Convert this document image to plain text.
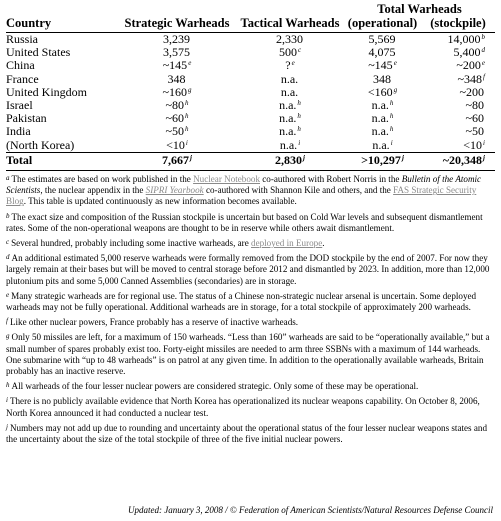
			Total Warheads	
Country	Strategic Warheads	Tactical Warheads	(operational)	(stockpile)
Russia	3,239	2,330	5,569	14,000$^b$
United States	3,575	500$^c$	4,075	5,400$^d$
China	~145e	?$^e$	~145e	~200e
France	348	n.a.	348	~348$^f$
United Kingdom	~160$^g$	n.a.	$<160^g$	~200
Israel	~80$^h$	n.a.$^h$	n.a.$^h$	~80
Pakistan	~60$^h$	n.a.$^h$	n.a.$^h$	~60
India	~50$^h$	n.a.$^h$	n.a.$^h$	~50
(North Korea)	$<10^i$	n.a.$^i$	n.a.$^i$	$<10^i$
Total	7,667$^j$	$2,830^j$	$>10,297^j$	~20,348$^j$

$^a$ The estimates are based on work published in the Nuclear Notebook co-authored with Robert Norris in the Bulletin of the Atomic Scientists, the nuclear appendix in the SIPRI Yearbook co-authored with Shannon Kile and others, and the FAS Strategic Security Blog. This table is updated continuously as new information becomes available.

$^b$ The exact size and composition of the Russian stockpile is uncertain but based on Cold War levels and subsequent dismantlement rates. Some of the non-operational weapons are thought to be in reserve while others await dismantlement.

$^c$ Several hundred, probably including some inactive warheads, are deployed in Europe.

$^d$ An additional estimated 5,000 reserve warheads were formally removed from the DOD stockpile by the end of 2007. For now they largely remain at their bases but will be moved to central storage before 2012 and dismantled by 2023. In addition, more than 12,000 plutonium pits and some 5,000 Canned Assemblies (secondaries) are in storage.

$^e$ Many strategic warheads are for regional use. The status of a Chinese non-strategic nuclear arsenal is uncertain. Some deployed warheads may not be fully operational. Additional warheads are in storage, for a total stockpile of approximately 200 warheads.

$^f$ Like other nuclear powers, France probably has a reserve of inactive warheads.

$^g$ Only 50 missiles are left, for a maximum of 150 warheads. “Less than 160” warheads are said to be “operationally available,” but a small number of spares probably exist too. Forty-eight missiles are needed to arm three SSBNs with a maximum of 144 warheads. One submarine with “up to 48 warheads” is on patrol at any given time. In addition to the operationally available warheads, Britain probably has an inactive reserve.

$^h$ All warheads of the four lesser nuclear powers are considered strategic. Only some of these may be operational.

$^i$ There is no publicly available evidence that North Korea has operationalized its nuclear weapons capability. On October 8, 2006, North Korea announced it had conducted a nuclear test.

$^j$ Numbers may not add up due to rounding and uncertainty about the operational status of the four lesser nuclear weapons states and the uncertainty about the size of the total stockpile of three of the five initial nuclear powers.

Updated: January 3, 2008 / © Federation of American Scientists/Natural Resources Defense Council
